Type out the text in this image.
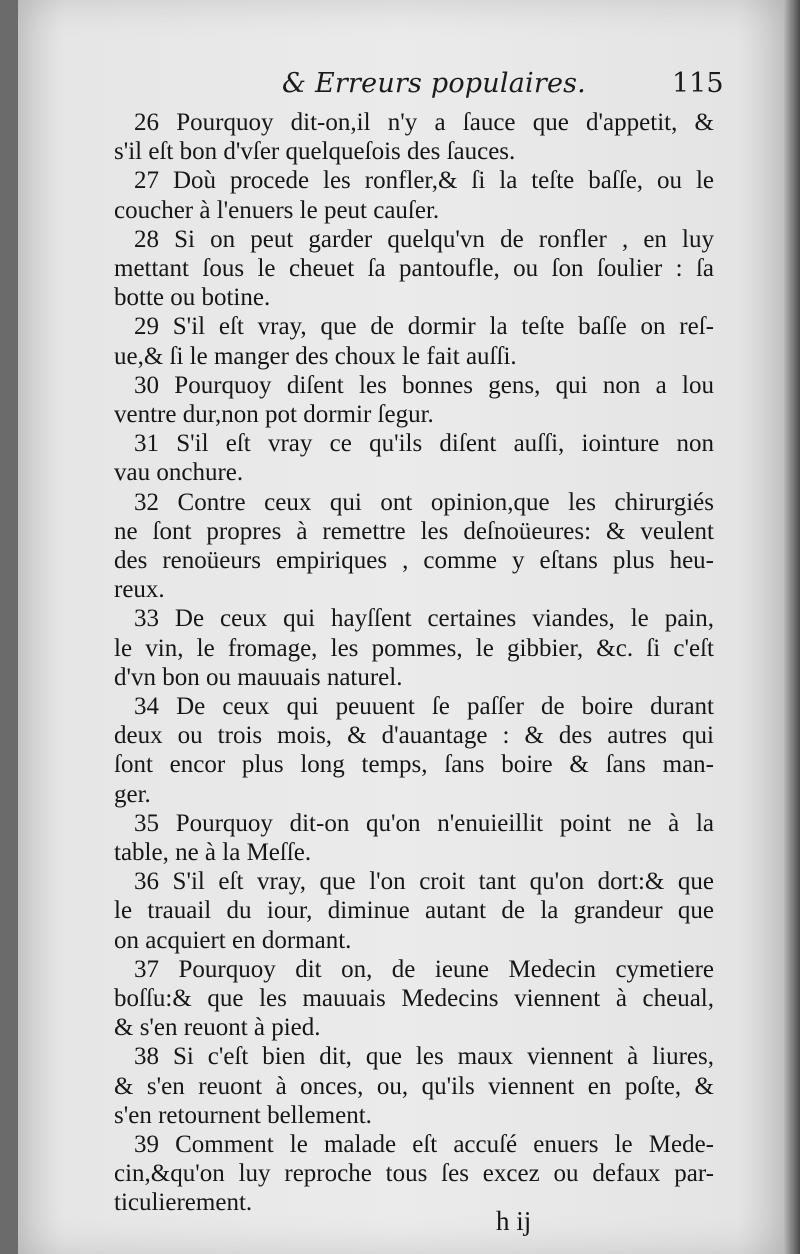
& Erreurs populaires.	115
26 Pourquoy dit-on,il n'y a ſauce que d'appetit, &
s'il eſt bon d'vſer quelqueſois des ſauces.
27 Doù procede les ronfler,& ſi la teſte baſſe, ou le
coucher à l'enuers le peut cauſer.
28 Si on peut garder quelqu'vn de ronfler , en luy
mettant ſous le cheuet ſa pantoufle, ou ſon ſoulier : ſa
botte ou botine.
29 S'il eſt vray, que de dormir la teſte baſſe on reſ-
ue,& ſi le manger des choux le fait auſſi.
30 Pourquoy diſent les bonnes gens, qui non a lou
ventre dur,non pot dormir ſegur.
31 S'il eſt vray ce qu'ils diſent auſſi, iointure non
vau onchure.
32 Contre ceux qui ont opinion,que les chirurgiés
ne ſont propres à remettre les deſnoüeures: & veulent
des renoüeurs empiriques , comme y eſtans plus heu-
reux.
33 De ceux qui hayſſent certaines viandes, le pain,
le vin, le fromage, les pommes, le gibbier, &c. ſi c'eſt
d'vn bon ou mauuais naturel.
34 De ceux qui peuuent ſe paſſer de boire durant
deux ou trois mois, & d'auantage : & des autres qui
ſont encor plus long temps, ſans boire & ſans man-
ger.
35 Pourquoy dit-on qu'on n'enuieillit point ne à la
table, ne à la Meſſe.
36 S'il eſt vray, que l'on croit tant qu'on dort:& que
le trauail du iour, diminue autant de la grandeur que
on acquiert en dormant.
37 Pourquoy dit on, de ieune Medecin cymetiere
boſſu:& que les mauuais Medecins viennent à cheual,
& s'en reuont à pied.
38 Si c'eſt bien dit, que les maux viennent à liures,
& s'en reuont à onces, ou, qu'ils viennent en poſte, &
s'en retournent bellement.
39 Comment le malade eſt accuſé enuers le Mede-
cin,&qu'on luy reproche tous ſes excez ou defaux par-
ticulierement.
h ij
